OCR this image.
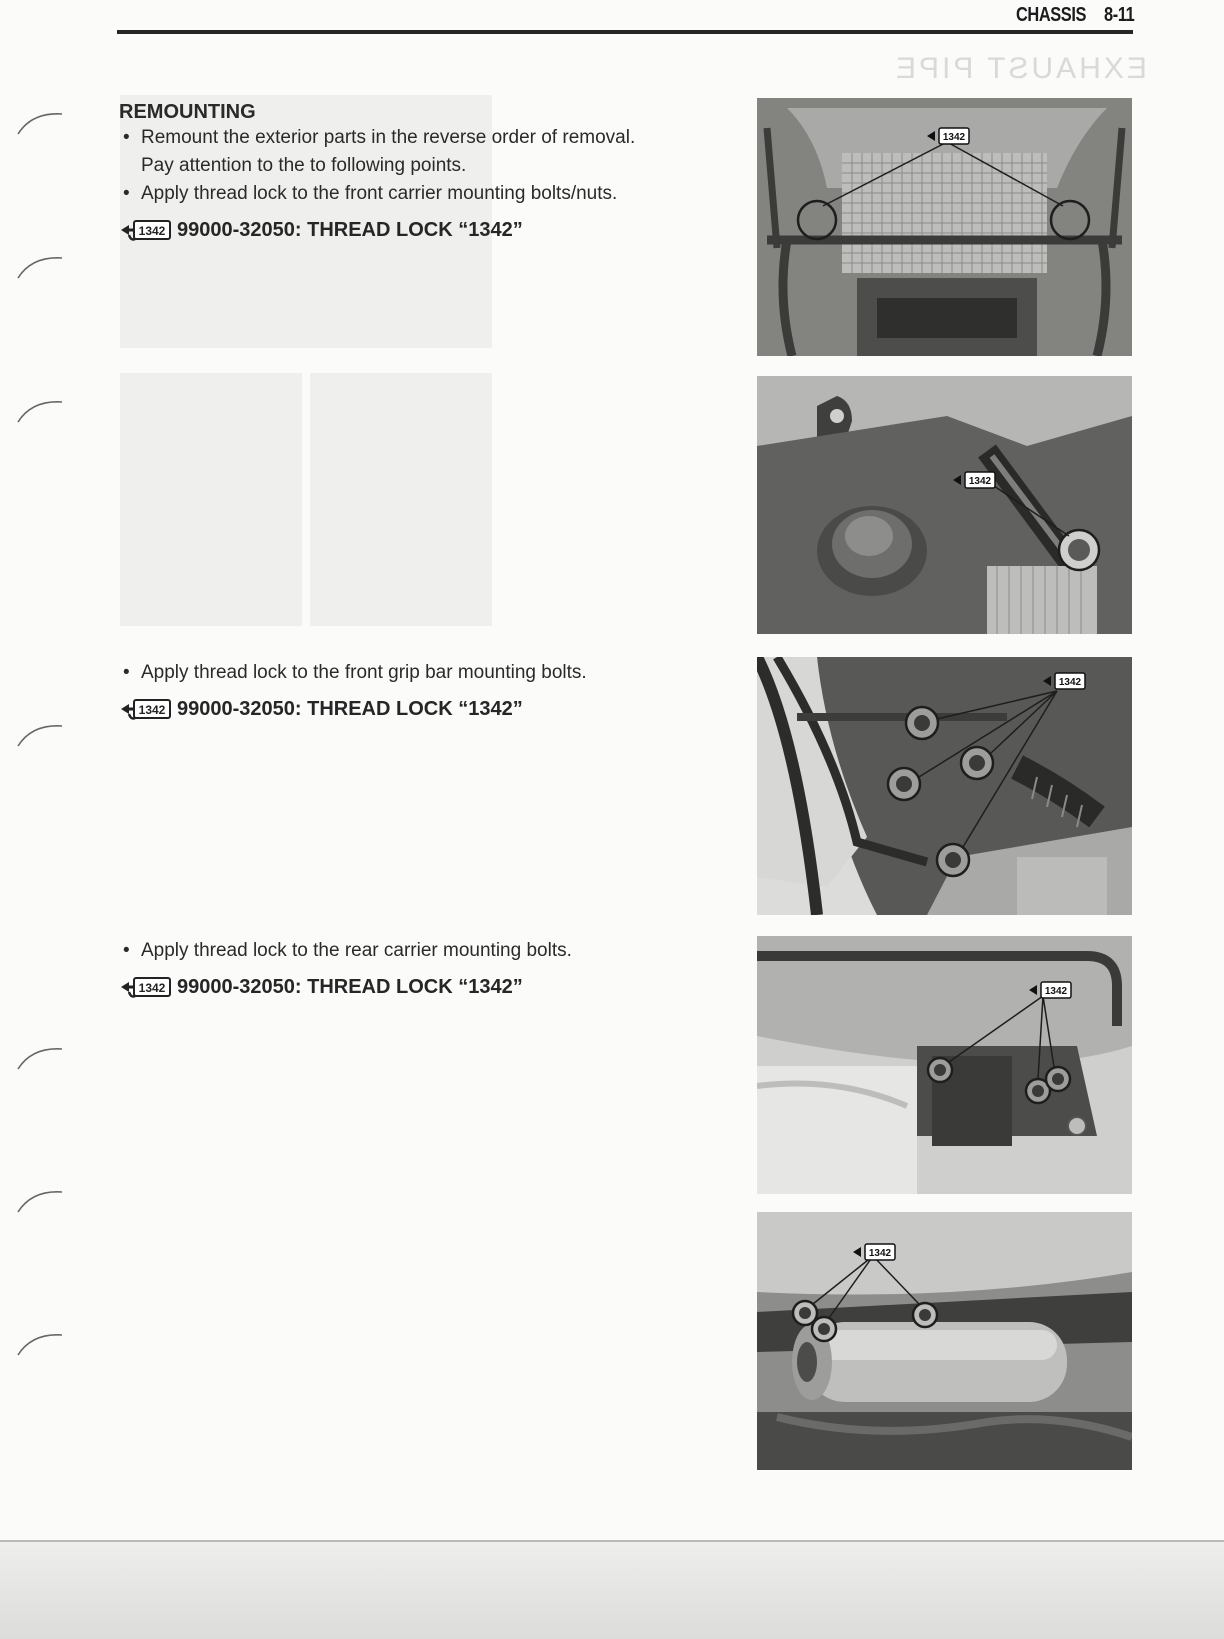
CHASSIS 8-11
EXHAUST PIPE
REMOUNTING
• Remount the exterior parts in the reverse order of removal.
Pay attention to the to following points.
• Apply thread lock to the front carrier mounting bolts/nuts.
1342 99000-32050: THREAD LOCK “1342”
• Apply thread lock to the front grip bar mounting bolts.
1342 99000-32050: THREAD LOCK “1342”
• Apply thread lock to the rear carrier mounting bolts.
1342 99000-32050: THREAD LOCK “1342”
1342
1342
1342
1342
1342
